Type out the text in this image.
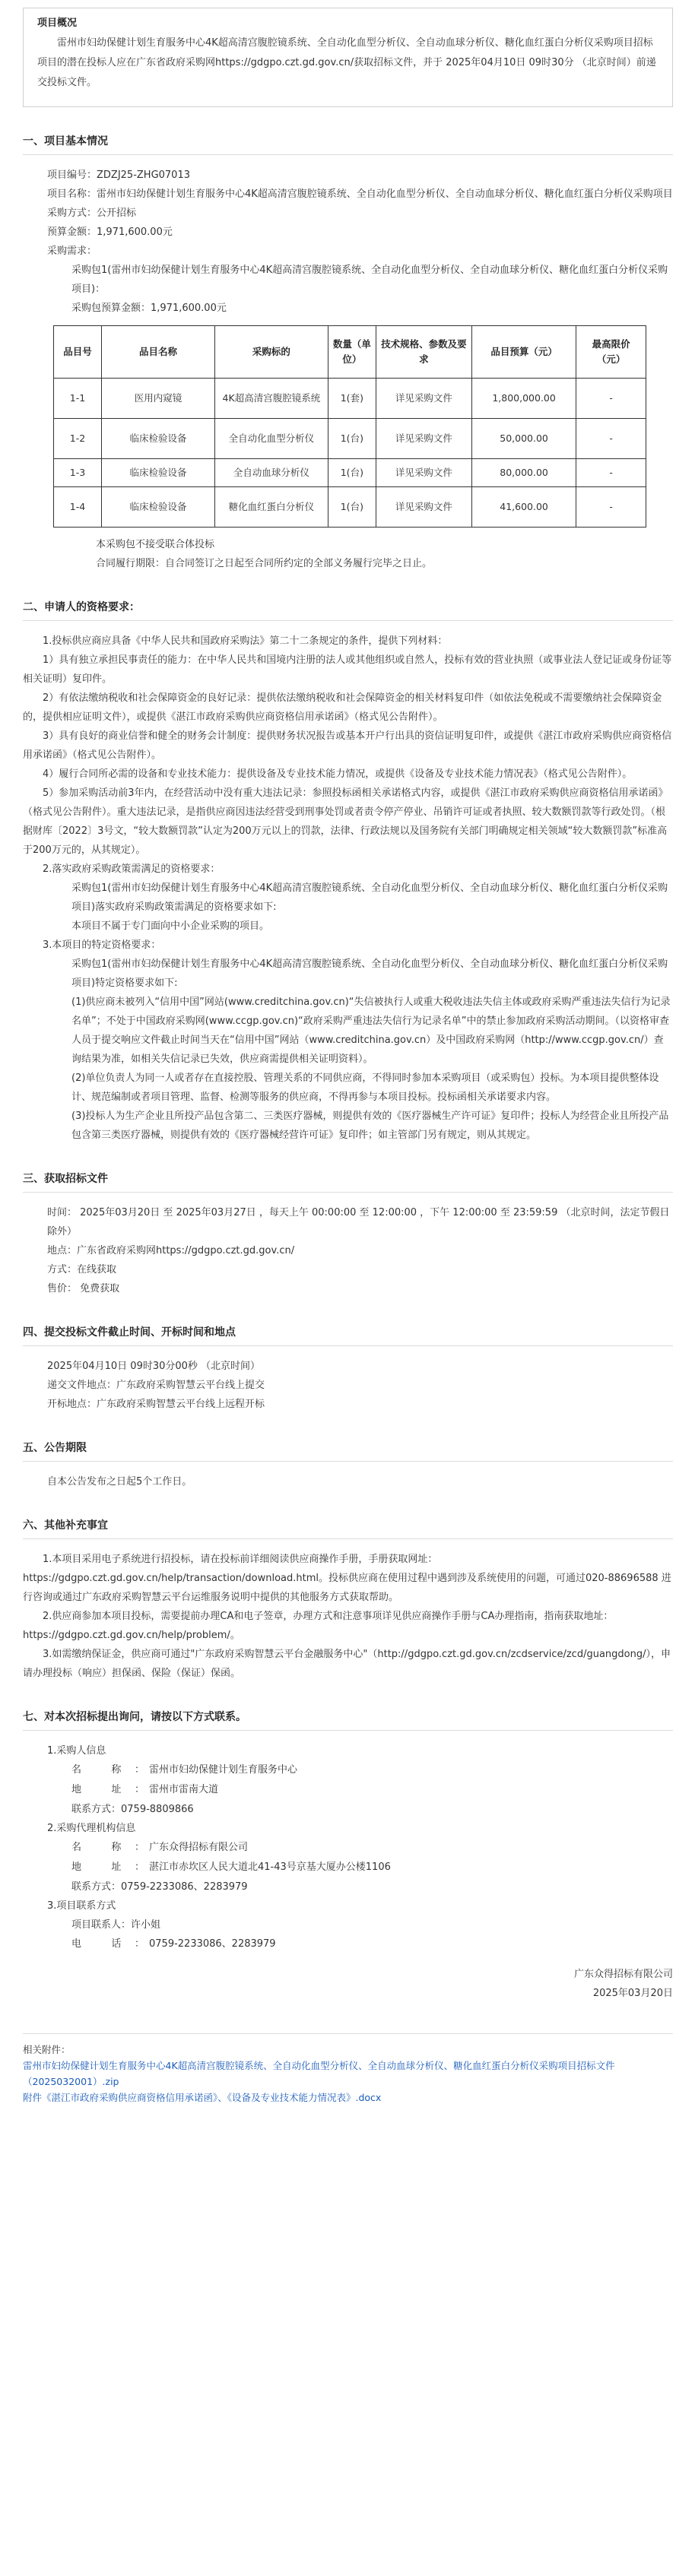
项目概况
雷州市妇幼保健计划生育服务中心4K超高清宫腹腔镜系统、全自动化血型分析仪、全自动血球分析仪、糖化血红蛋白分析仪采购项目招标项目的潜在投标人应在广东省政府采购网https://gdgpo.czt.gd.gov.cn/获取招标文件，并于 2025年04月10日 09时30分 （北京时间）前递交投标文件。
一、项目基本情况
项目编号：ZDZJ25-ZHG07013
项目名称：雷州市妇幼保健计划生育服务中心4K超高清宫腹腔镜系统、全自动化血型分析仪、全自动血球分析仪、糖化血红蛋白分析仪采购项目
采购方式：公开招标
预算金额：1,971,600.00元
采购需求：
采购包1(雷州市妇幼保健计划生育服务中心4K超高清宫腹腔镜系统、全自动化血型分析仪、全自动血球分析仪、糖化血红蛋白分析仪采购项目)：
采购包预算金额：1,971,600.00元
品目号	品目名称	采购标的	数量（单位）	技术规格、参数及要求	品目预算（元）	最高限价（元）
1-1	医用内窥镜	4K超高清宫腹腔镜系统	1(套)	详见采购文件	1,800,000.00	-
1-2	临床检验设备	全自动化血型分析仪	1(台)	详见采购文件	50,000.00	-
1-3	临床检验设备	全自动血球分析仪	1(台)	详见采购文件	80,000.00	-
1-4	临床检验设备	糖化血红蛋白分析仪	1(台)	详见采购文件	41,600.00	-
本采购包不接受联合体投标
合同履行期限：自合同签订之日起至合同所约定的全部义务履行完毕之日止。
二、申请人的资格要求：
1.投标供应商应具备《中华人民共和国政府采购法》第二十二条规定的条件，提供下列材料：
1）具有独立承担民事责任的能力：在中华人民共和国境内注册的法人或其他组织或自然人，投标有效的营业执照（或事业法人登记证或身份证等相关证明）复印件。
2）有依法缴纳税收和社会保障资金的良好记录：提供依法缴纳税收和社会保障资金的相关材料复印件（如依法免税或不需要缴纳社会保障资金的，提供相应证明文件），或提供《湛江市政府采购供应商资格信用承诺函》（格式见公告附件）。
3）具有良好的商业信誉和健全的财务会计制度：提供财务状况报告或基本开户行出具的资信证明复印件，或提供《湛江市政府采购供应商资格信用承诺函》（格式见公告附件）。
4）履行合同所必需的设备和专业技术能力：提供设备及专业技术能力情况，或提供《设备及专业技术能力情况表》（格式见公告附件）。
5）参加采购活动前3年内，在经营活动中没有重大违法记录：参照投标函相关承诺格式内容，或提供《湛江市政府采购供应商资格信用承诺函》（格式见公告附件）。重大违法记录，是指供应商因违法经营受到刑事处罚或者责令停产停业、吊销许可证或者执照、较大数额罚款等行政处罚。（根据财库〔2022〕3号文，“较大数额罚款”认定为200万元以上的罚款，法律、行政法规以及国务院有关部门明确规定相关领域“较大数额罚款”标准高于200万元的，从其规定）。
2.落实政府采购政策需满足的资格要求：
采购包1(雷州市妇幼保健计划生育服务中心4K超高清宫腹腔镜系统、全自动化血型分析仪、全自动血球分析仪、糖化血红蛋白分析仪采购项目)落实政府采购政策需满足的资格要求如下:
本项目不属于专门面向中小企业采购的项目。
3.本项目的特定资格要求：
采购包1(雷州市妇幼保健计划生育服务中心4K超高清宫腹腔镜系统、全自动化血型分析仪、全自动血球分析仪、糖化血红蛋白分析仪采购项目)特定资格要求如下:
(1)供应商未被列入“信用中国”网站(www.creditchina.gov.cn)“失信被执行人或重大税收违法失信主体或政府采购严重违法失信行为记录名单”；不处于中国政府采购网(www.ccgp.gov.cn)“政府采购严重违法失信行为记录名单”中的禁止参加政府采购活动期间。（以资格审查人员于提交响应文件截止时间当天在“信用中国”网站（www.creditchina.gov.cn）及中国政府采购网（http://www.ccgp.gov.cn/）查询结果为准，如相关失信记录已失效，供应商需提供相关证明资料）。
(2)单位负责人为同一人或者存在直接控股、管理关系的不同供应商，不得同时参加本采购项目（或采购包）投标。为本项目提供整体设计、规范编制或者项目管理、监督、检测等服务的供应商，不得再参与本项目投标。投标函相关承诺要求内容。
(3)投标人为生产企业且所投产品包含第二、三类医疗器械，则提供有效的《医疗器械生产许可证》复印件；投标人为经营企业且所投产品包含第三类医疗器械，则提供有效的《医疗器械经营许可证》复印件；如主管部门另有规定，则从其规定。
三、获取招标文件
时间： 2025年03月20日 至 2025年03月27日 ，每天上午 00:00:00 至 12:00:00 ，下午 12:00:00 至 23:59:59 （北京时间，法定节假日除外）
地点：广东省政府采购网https://gdgpo.czt.gd.gov.cn/
方式：在线获取
售价： 免费获取
四、提交投标文件截止时间、开标时间和地点
2025年04月10日 09时30分00秒 （北京时间）
递交文件地点：广东政府采购智慧云平台线上提交
开标地点：广东政府采购智慧云平台线上远程开标
五、公告期限
自本公告发布之日起5个工作日。
六、其他补充事宜
1.本项目采用电子系统进行招投标，请在投标前详细阅读供应商操作手册，手册获取网址：https://gdgpo.czt.gd.gov.cn/help/transaction/download.html。投标供应商在使用过程中遇到涉及系统使用的问题，可通过020-88696588 进行咨询或通过广东政府采购智慧云平台运维服务说明中提供的其他服务方式获取帮助。
2.供应商参加本项目投标，需要提前办理CA和电子签章，办理方式和注意事项详见供应商操作手册与CA办理指南，指南获取地址：https://gdgpo.czt.gd.gov.cn/help/problem/。
3.如需缴纳保证金，供应商可通过"广东政府采购智慧云平台金融服务中心"（http://gdgpo.czt.gd.gov.cn/zcdservice/zcd/guangdong/），申请办理投标（响应）担保函、保险（保证）保函。
七、对本次招标提出询问，请按以下方式联系。
1.采购人信息
名 称： 雷州市妇幼保健计划生育服务中心
地 址： 雷州市雷南大道
联系方式：0759-8809866
2.采购代理机构信息
名 称： 广东众得招标有限公司
地 址： 湛江市赤坎区人民大道北41-43号京基大厦办公楼1106
联系方式：0759-2233086、2283979
3.项目联系方式
项目联系人：许小姐
电 话： 0759-2233086、2283979
广东众得招标有限公司
2025年03月20日
相关附件：
雷州市妇幼保健计划生育服务中心4K超高清宫腹腔镜系统、全自动化血型分析仪、全自动血球分析仪、糖化血红蛋白分析仪采购项目招标文件（2025032001）.zip
附件《湛江市政府采购供应商资格信用承诺函》、《设备及专业技术能力情况表》.docx
